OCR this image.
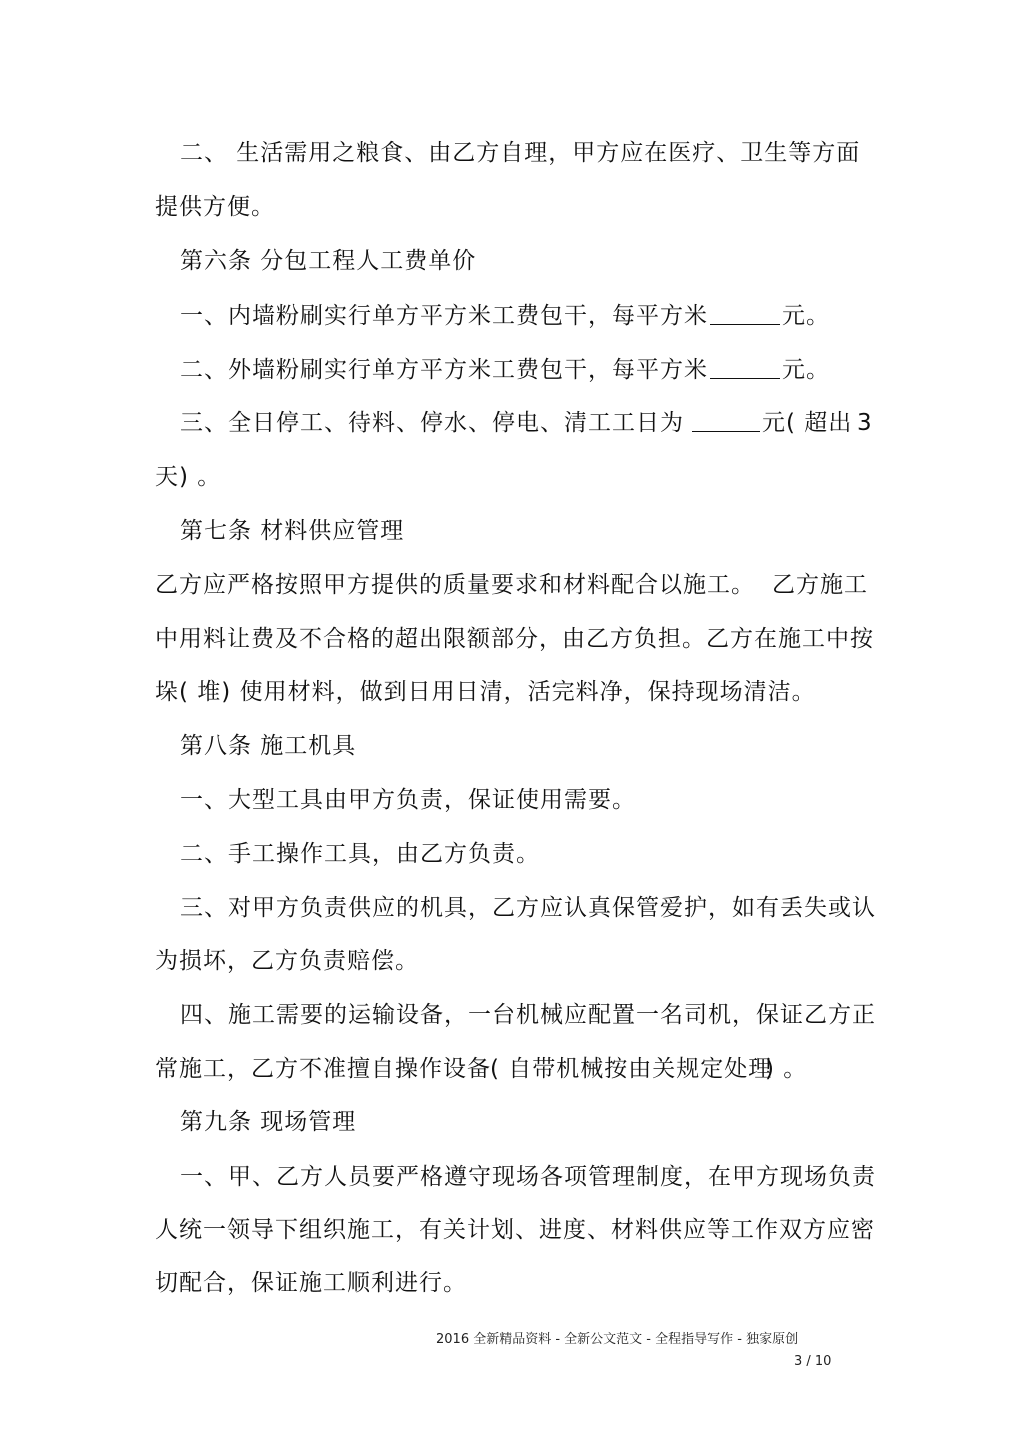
二、 生活需用之粮食、由乙方自理，甲方应在医疗、卫生等方面
提供方便。
第六条 分包工程人工费单价
一、内墙粉刷实行单方平方米工费包干，每平方米	元。
二、外墙粉刷实行单方平方米工费包干，每平方米	元。
三、全日停工、待料、停水、停电、清工工日为	元( 超出 3
天) 。
第七条 材料供应管理
乙方应严格按照甲方提供的质量要求和材料配合以施工。 乙方施工
中用料让费及不合格的超出限额部分， 由乙方负担。乙方在施工中按
垛( 堆) 使用材料，做到日用日清，活完料净，保持现场清洁。
第八条 施工机具
一、大型工具由甲方负责，保证使用需要。
二、手工操作工具，由乙方负责。
三、对甲方负责供应的机具，乙方应认真保管爱护，如有丢失或认
为损坏，乙方负责赔偿。
四、施工需要的运输设备，一台机械应配置一名司机，保证乙方正
常施工，乙方不准擅自操作设备 ( 自带机械按由关规定处理
) 。
第九条 现场管理
一、甲、乙方人员要严格遵守现场各项管理制度，在甲方现场负责
人统一领导下组织施工，有关计划、进度、材料供应等工作双方应密
切配合，保证施工顺利进行。
2016 全新精品资料 - 全新公文范文 - 全程指导写作 - 独家原创
3 / 10
